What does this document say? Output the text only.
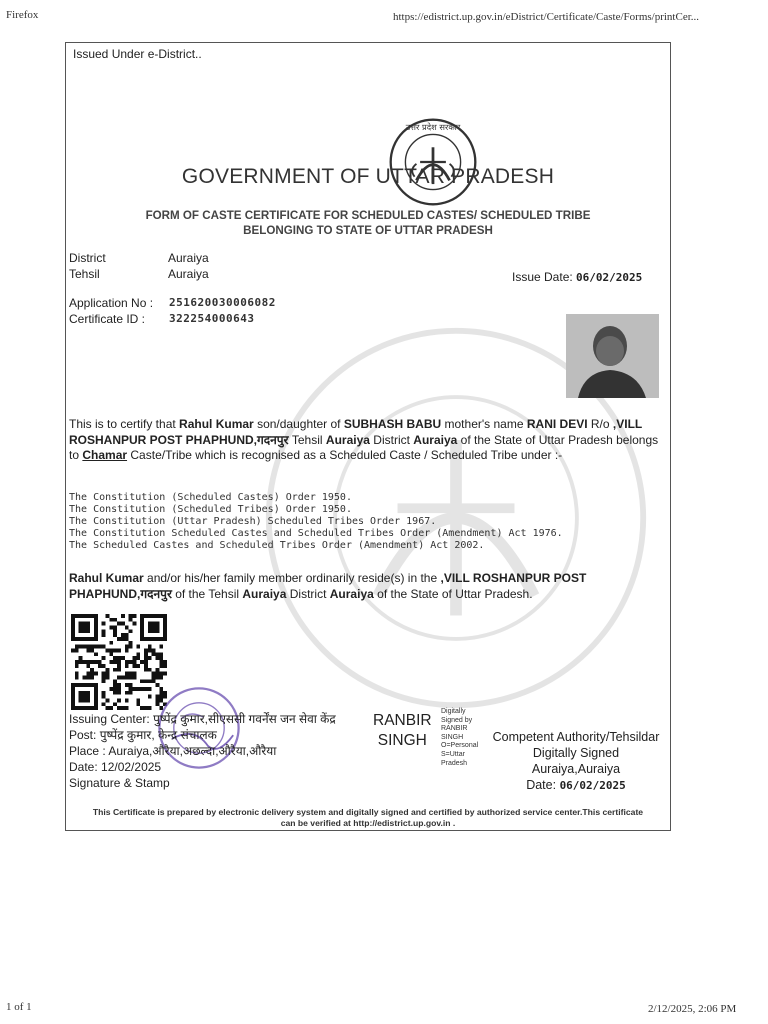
Firefox	https://edistrict.up.gov.in/eDistrict/Certificate/Caste/Forms/printCer...
Issued Under e-District..
उत्तर प्रदेश सरकार
GOVERNMENT OF UTTAR PRADESH
FORM OF CASTE CERTIFICATE FOR SCHEDULED CASTES/ SCHEDULED TRIBE
BELONGING TO STATE OF UTTAR PRADESH
District	Auraiya
Tehsil	Auraiya	Issue Date: 06/02/2025
Application No : 251620030006082
Certificate ID : 322254000643
This is to certify that Rahul Kumar son/daughter of SUBHASH BABU mother's name RANI DEVI R/o ,VILL ROSHANPUR POST PHAPHUND,गदनपुर Tehsil Auraiya District Auraiya of the State of Uttar Pradesh belongs to Chamar Caste/Tribe which is recognised as a Scheduled Caste / Scheduled Tribe under :-
The Constitution (Scheduled Castes) Order 1950.
The Constitution (Scheduled Tribes) Order 1950.
The Constitution (Uttar Pradesh) Scheduled Tribes Order 1967.
The Constitution Scheduled Castes and Scheduled Tribes Order (Amendment) Act 1976.
The Scheduled Castes and Scheduled Tribes Order (Amendment) Act 2002.
Rahul Kumar and/or his/her family member ordinarily reside(s) in the ,VILL ROSHANPUR POST PHAPHUND,गदनपुर of the Tehsil Auraiya District Auraiya of the State of Uttar Pradesh.
Issuing Center: पुष्पेंद्र कुमार,सीएससी गवर्नेंस जन सेवा केंद्र
Post: पुष्पेंद्र कुमार, केन्द्र संचालक
Place : Auraiya,औरैया,अछल्दा,औरैया,औरैया
Date: 12/02/2025
Signature & Stamp
RANBIR
SINGH
Digitally
Signed by
RANBIR
SINGH
O=Personal
S=Uttar
Pradesh
Competent Authority/Tehsildar
Digitally Signed
Auraiya,Auraiya
Date: 06/02/2025
This Certificate is prepared by electronic delivery system and digitally signed and certified by authorized service center.This certificate
can be verified at http://edistrict.up.gov.in .
1 of 1	2/12/2025, 2:06 PM
